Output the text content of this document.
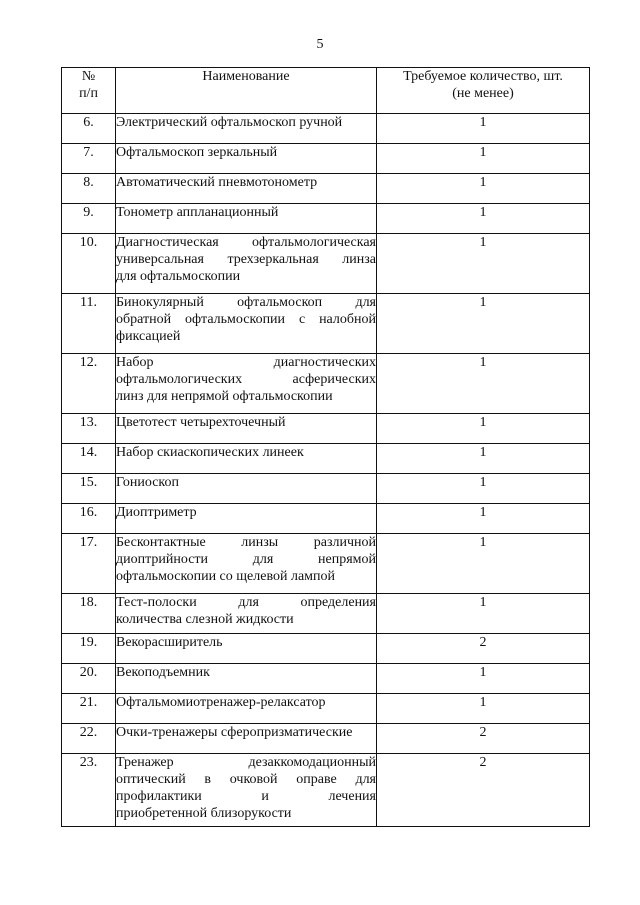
5
№
п/п	Наименование	Требуемое количество, шт.
(не менее)

6.	Электрический офтальмоскоп ручной	1
7.	Офтальмоскоп зеркальный	1
8.	Автоматический пневмотонометр	1
9.	Тонометр аппланационный	1
10.	Диагностическая офтальмологическая
универсальная трехзеркальная линза
для офтальмоскопии	1
11.	Бинокулярный офтальмоскоп для
обратной офтальмоскопии с налобной
фиксацией	1
12.	Набор диагностических
офтальмологических асферических
линз для непрямой офтальмоскопии	1
13.	Цветотест четырехточечный	1
14.	Набор скиаскопических линеек	1
15.	Гониоскоп	1
16.	Диоптриметр	1
17.	Бесконтактные линзы различной
диоптрийности для непрямой
офтальмоскопии со щелевой лампой	1
18.	Тест-полоски для определения
количества слезной жидкости	1
19.	Векорасширитель	2
20.	Векоподъемник	1
21.	Офтальмомиотренажер-релаксатор	1
22.	Очки-тренажеры сферопризматические	2
23.	Тренажер дезаккомодационный
оптический в очковой оправе для
профилактики и лечения
приобретенной близорукости	2
